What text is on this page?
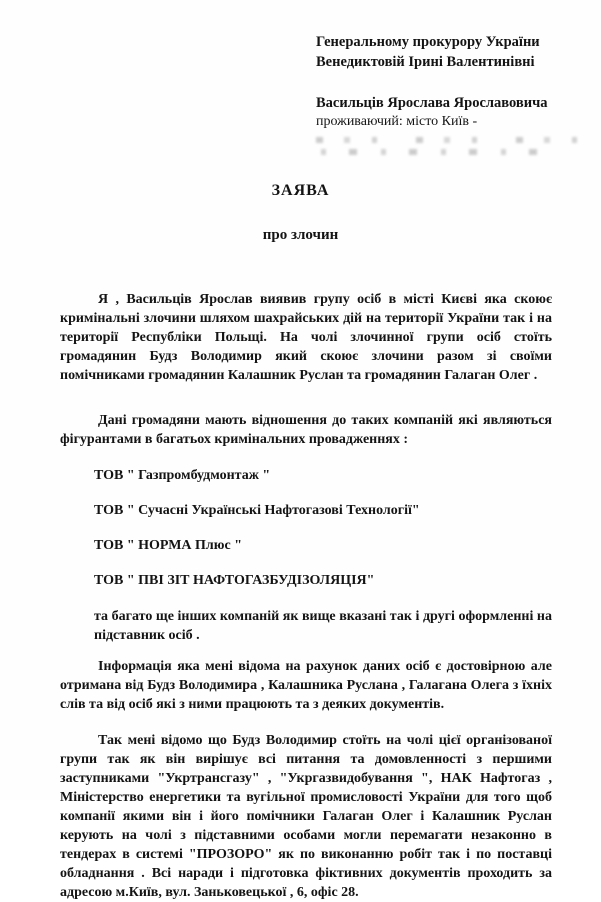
Генеральному прокурору України
Венедиктовій Ірині Валентинівні
Васильців Ярослава Ярославовича
проживаючий: місто Київ -
ЗАЯВА
про злочин

Я , Васильців Ярослав виявив групу осіб в місті Києві яка скоює кримінальні злочини шляхом шахрайських дій на території України так і на території Республіки Польщі. На чолі злочинної групи осіб стоїть громадянин Будз Володимир який скоює злочини разом зі своїми помічниками громадянин Калашник Руслан та громадянин Галаган Олег .

Дані громадяни мають відношення до таких компаній які являються фігурантами в багатьох кримінальних провадженнях :

ТОВ " Газпромбудмонтаж "
ТОВ " Сучасні Українські Нафтогазові Технології"
ТОВ " НОРМА Плюс "
ТОВ " ПВІ ЗІТ НАФТОГАЗБУДІЗОЛЯЦІЯ"

та багато ще інших компаній як вище вказані так і другі оформленні на підставник осіб .

Інформація яка мені відома на рахунок даних осіб є достовірною але отримана від Будз Володимира , Калашника Руслана , Галагана Олега з їхніх слів та від осіб які з ними працюють та з деяких документів.

Так мені відомо що Будз Володимир стоїть на чолі цієї організованої групи так як він вирішує всі питання та домовленності з першими заступниками "Укртрансгазу" , "Укргазвидобування ", НАК Нафтогаз , Міністерство енергетики та вугільної промисловості України для того щоб компанії якими він і його помічники Галаган Олег і Калашник Руслан керують на чолі з підставними особами могли перемагати незаконно в тендерах в системі "ПРОЗОРО" як по виконанню робіт так і по поставці обладнання . Всі наради і підготовка фіктивних документів проходить за адресою м.Київ, вул. Заньковецької , 6, офіс 28.
